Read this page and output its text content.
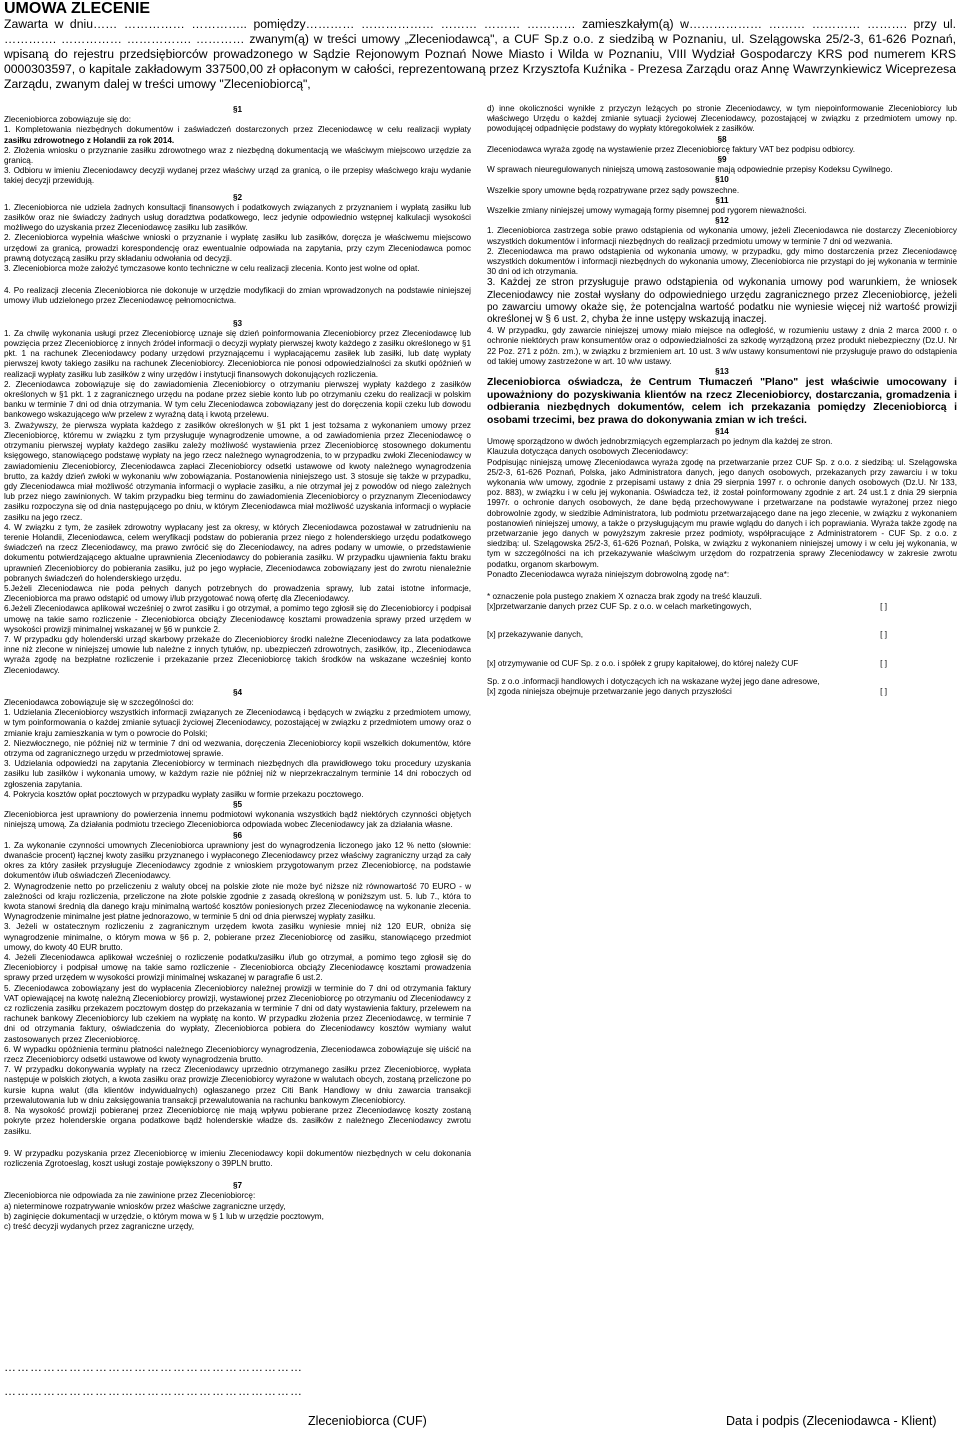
UMOWA ZLECENIE
Zawarta w dniu…… …………… ………….. pomiędzy………… ……………… ……… ……… ………… zamieszkałym(ą) w……………… ……… ………… ………. przy ul. …………. …………… ……………. ………… zwanym(ą) w treści umowy „Zleceniodawcą", a CUF Sp.z o.o. z siedzibą w Poznaniu, ul. Szelągowska 25/2-3, 61-626 Poznań, wpisaną do rejestru przedsiębiorców prowadzonego w Sądzie Rejonowym Poznań Nowe Miasto i Wilda w Poznaniu, VIII Wydział Gospodarczy KRS pod numerem KRS 0000303597, o kapitale zakładowym 337500,00 zł opłaconym w całości, reprezentowaną przez Krzysztofa Kuźnika - Prezesa Zarządu oraz Annę Wawrzynkiewicz Wiceprezesa Zarządu, zwanym dalej w treści umowy "Zleceniobiorcą",

§1

Zleceniobiorca zobowiązuje się do:
1. Kompletowania niezbędnych dokumentów i zaświadczeń dostarczonych przez Zleceniodawcę w celu realizacji wypłaty zasiłku zdrowotnego z Holandii za rok 2014.

2. Złożenia wniosku o przyznanie zasiłku zdrowotnego wraz z niezbędną dokumentacją we właściwym miejscowo urzędzie za granicą.
3. Odbioru w imieniu Zleceniodawcy decyzji wydanej przez właściwy urząd za granicą, o ile przepisy właściwego kraju wydanie takiej decyzji przewidują.

§2

1. Zleceniobiorca nie udziela żadnych konsultacji finansowych i podatkowych związanych z przyznaniem i wypłatą zasiłku lub zasiłków oraz nie świadczy żadnych usług doradztwa podatkowego, lecz jedynie odpowiednio wstępnej kalkulacji wysokości możliwego do uzyskania przez Zleceniodawcę zasiłku lub zasiłków.
2. Zleceniobiorca wypełnia właściwe wnioski o przyznanie i wypłatę zasiłku lub zasiłków, doręcza je właściwemu miejscowo urzędowi za granicą, prowadzi korespondencję oraz ewentualnie odpowiada na zapytania, przy czym Zleceniodawca pomoc prawną dotyczącą zasiłku przy składaniu odwołania od decyzji.
3. Zleceniobiorca może założyć tymczasowe konto techniczne w celu realizacji zlecenia. Konto jest wolne od opłat.

4. Po realizacji zlecenia Zleceniobiorca nie dokonuje w urzędzie modyfikacji do zmian wprowadzonych na podstawie niniejszej umowy i/lub udzielonego przez Zleceniodawcę pełnomocnictwa.

§3

1. Za chwilę wykonania usługi przez Zleceniobiorcę uznaje się dzień poinformowania Zleceniobiorcy przez Zleceniodawcę lub powzięcia przez Zleceniobiorcę z innych źródeł informacji o decyzji wypłaty pierwszej kwoty każdego z zasiłku określonego w §1 pkt. 1 na rachunek Zleceniodawcy podany urzędowi przyznającemu i wypłacającemu zasiłek lub zasiłki, lub datę wypłaty pierwszej kwoty takiego zasiłku na rachunek Zleceniobiorcy. Zleceniobiorca nie ponosi odpowiedzialności za skutki opóźnień w realizacji wypłaty zasiłku lub zasiłków z winy urzędów i instytucji finansowych dokonujących rozliczenia.
2. Zleceniodawca zobowiązuje się do zawiadomienia Zleceniobiorcy o otrzymaniu pierwszej wypłaty każdego z zasiłków określonych w §1 pkt. 1 z zagranicznego urzędu na podane przez siebie konto lub po otrzymaniu czeku do realizacji w polskim banku w terminie 7 dni od dnia otrzymania. W tym celu Zleceniodawca zobowiązany jest do doręczenia kopii czeku lub dowodu bankowego wskazującego w/w przelew z wyraźną datą i kwotą przelewu.
3. Zważywszy, że pierwsza wypłata każdego z zasiłków określonych w §1 pkt 1 jest tożsama z wykonaniem umowy przez Zleceniobiorcę, któremu w związku z tym przysługuje wynagrodzenie umowne, a od zawiadomienia przez Zleceniodawcę o otrzymaniu pierwszej wypłaty każdego zasiłku zależy możliwość wystawienia przez Zleceniobiorcę stosownego dokumentu księgowego, stanowiącego podstawę wypłaty na jego rzecz należnego wynagrodzenia, to w przypadku zwłoki Zleceniodawcy w zawiadomieniu Zleceniobiorcy, Zleceniodawca zapłaci Zleceniobiorcy odsetki ustawowe od kwoty należnego wynagrodzenia brutto, za każdy dzień zwłoki w wykonaniu w/w zobowiązania. Postanowienia niniejszego ust. 3 stosuje się także w przypadku, gdy Zleceniodawca miał możliwość otrzymania informacji o wypłacie zasiłku, a nie otrzymał jej z powodów od niego zależnych lub przez niego zawinionych. W takim przypadku bieg terminu do zawiadomienia Zleceniobiorcy o przyznanym Zleceniodawcy zasiłku rozpoczyna się od dnia następującego po dniu, w którym Zleceniodawca miał możliwość uzyskania informacji o wypłacie zasiłku na jego rzecz.
4. W związku z tym, że zasiłek zdrowotny wypłacany jest za okresy, w których Zleceniodawca pozostawał w zatrudnieniu na terenie Holandii, Zleceniodawca, celem weryfikacji podstaw do pobierania przez niego z holenderskiego urzędu podatkowego świadczeń na rzecz Zleceniodawcy, ma prawo zwrócić się do Zleceniodawcy, na adres podany w umowie, o przedstawienie dokumentu potwierdzającego aktualne uprawnienia Zleceniodawcy do pobierania zasiłku. W przypadku ujawnienia faktu braku uprawnień Zleceniobiorcy do pobierania zasiłku, już po jego wypłacie, Zleceniodawca zobowiązany jest do zwrotu nienależnie pobranych świadczeń do holenderskiego urzędu.
5.Jeżeli Zleceniodawca nie poda pełnych danych potrzebnych do prowadzenia sprawy, lub zatai istotne informacje, Zleceniobiorca ma prawo odstąpić od umowy i/lub przygotować nową ofertę dla Zleceniodawcy.
6.Jeżeli Zleceniodawca aplikował wcześniej o zwrot zasiłku i go otrzymał, a pomimo tego zgłosił się do Zleceniobiorcy i podpisał umowę na takie samo rozliczenie - Zleceniobiorca obciąży Zleceniodawcę kosztami prowadzenia sprawy przed urzędem w wysokości prowizji minimalnej wskazanej w §6 w punkcie 2.
7. W przypadku gdy holenderski urząd skarbowy przekaże do Zleceniobiorcy środki należne Zleceniodawcy za lata podatkowe inne niż zlecone w niniejszej umowie lub należne z innych tytułów, np. ubezpieczeń zdrowotnych, zasiłków, itp., Zleceniodawca wyraża zgodę na bezpłatne rozliczenie i przekazanie przez Zleceniobiorcę takich środków na wskazane wcześniej konto Zleceniodawcy.

§4

Zleceniodawca zobowiązuje się w szczególności do:
1. Udzielania Zleceniobiorcy wszystkich informacji związanych ze Zleceniodawcą i będących w związku z przedmiotem umowy, w tym poinformowania o każdej zmianie sytuacji życiowej Zleceniodawcy, pozostającej w związku z przedmiotem umowy oraz o zmianie kraju zamieszkania w tym o powrocie do Polski;
2. Niezwłocznego, nie później niż w terminie 7 dni od wezwania, doręczenia Zleceniobiorcy kopii wszelkich dokumentów, które otrzyma od zagranicznego urzędu w przedmiotowej sprawie.
3. Udzielania odpowiedzi na zapytania Zleceniobiorcy w terminach niezbędnych dla prawidłowego toku procedury uzyskania zasiłku lub zasiłków i wykonania umowy, w każdym razie nie później niż w nieprzekraczalnym terminie 14 dni roboczych od zgłoszenia zapytania.
4. Pokrycia kosztów opłat pocztowych w przypadku wypłaty zasiłku w formie przekazu pocztowego.

§5

Zleceniobiorca jest uprawniony do powierzenia innemu podmiotowi wykonania wszystkich bądź niektórych czynności objętych niniejszą umową. Za działania podmiotu trzeciego Zleceniobiorca odpowiada wobec Zleceniodawcy jak za działania własne.

§6

1. Za wykonanie czynności umownych Zleceniobiorca uprawniony jest do wynagrodzenia liczonego jako 12 % netto (słownie: dwanaście procent) łącznej kwoty zasiłku przyznanego i wypłaconego Zleceniodawcy przez właściwy zagraniczny urząd za cały okres za który zasiłek przysługuje Zleceniodawcy zgodnie z wnioskiem przygotowanym przez Zleceniobiorcę, na podstawie dokumentów i/lub oświadczeń Zleceniodawcy.
2. Wynagrodzenie netto po przeliczeniu z waluty obcej na polskie złote nie może być niższe niż równowartość 70 EURO - w zależności od kraju rozliczenia, przeliczone na złote polskie zgodnie z zasadą określoną w poniższym ust. 5. lub 7., która to kwota stanowi średnią dla danego kraju minimalną wartość kosztów poniesionych przez Zleceniodawcę na wykonanie zlecenia. Wynagrodzenie minimalne jest płatne jednorazowo, w terminie 5 dni od dnia pierwszej wypłaty zasiłku.
3. Jeżeli w ostatecznym rozliczeniu z zagranicznym urzędem kwota zasiłku wyniesie mniej niż 120 EUR, obniża się wynagrodzenie minimalne, o którym mowa w §6 p. 2, pobierane przez Zleceniobiorcę od zasiłku, stanowiącego przedmiot umowy, do kwoty 40 EUR brutto.
4. Jeżeli Zleceniodawca aplikował wcześniej o rozliczenie podatku/zasiłku i/lub go otrzymał, a pomimo tego zgłosił się do Zleceniobiorcy i podpisał umowę na takie samo rozliczenie - Zleceniobiorca obciąży Zleceniodawcę kosztami prowadzenia sprawy przed urzędem w wysokości prowizji minimalnej wskazanej w paragrafie 6 ust.2.
5. Zleceniodawca zobowiązany jest do wypłacenia Zleceniobiorcy należnej prowizji w terminie do 7 dni od otrzymania faktury VAT opiewającej na kwotę należną Zleceniobiorcy prowizji, wystawionej przez Zleceniobiorcę po otrzymaniu od Zleceniodawcy z cz rozliczenia zasiłku przekazem pocztowym dostęp do przekazania w terminie 7 dni od daty wystawienia faktury, przelewem na rachunek bankowy Zleceniobiorcy lub czekiem na wypłatę na konto. W przypadku złożenia przez Zleceniodawcę, w terminie 7 dni od otrzymania faktury, oświadczenia do wypłaty, Zleceniobiorca pobiera do Zleceniodawcy kosztów wymiany walut zastosowanych przez Zleceniobiorcę.
6. W wypadku opóźnienia terminu płatności należnego Zleceniobiorcy wynagrodzenia, Zleceniodawca zobowiązuje się uiścić na rzecz Zleceniobiorcy odsetki ustawowe od kwoty wynagrodzenia brutto.
7. W przypadku dokonywania wypłaty na rzecz Zleceniodawcy uprzednio otrzymanego zasiłku przez Zleceniobiorcę, wypłata następuje w polskich złotych, a kwota zasiłku oraz prowizje Zleceniobiorcy wyrażone w walutach obcych, zostaną przeliczone po kursie kupna walut (dla klientów indywidualnych) ogłaszanego przez Citi Bank Handlowy w dniu zawarcia transakcji przewalutowania lub w dniu zaksięgowania transakcji przewalutowania na rachunku bankowym Zleceniobiorcy.
8. Na wysokość prowizji pobieranej przez Zleceniobiorcę nie mają wpływu pobierane przez Zleceniodawcę koszty zostaną pokryte przez holenderskie organa podatkowe bądź holenderskie władze ds. zasiłków z należnego Zleceniodawcy zwrotu zasiłku.

9. W przypadku pozyskania przez Zleceniobiorcę w imieniu Zleceniodawcy kopii dokumentów niezbędnych w celu dokonania rozliczenia Zgrotoeslag, koszt usługi zostaje powiększony o 39PLN brutto.

§7

Zleceniobiorca nie odpowiada za nie zawinione przez Zleceniobiorcę:
a) nieterminowe rozpatrywanie wniosków przez właściwe zagraniczne urzędy,
b) zaginięcie dokumentacji w urzędzie, o którym mowa w § 1 lub w urzędzie pocztowym,
c) treść decyzji wydanych przez zagraniczne urzędy,

d) inne okoliczności wynikłe z przyczyn leżących po stronie Zleceniodawcy, w tym niepoinformowanie Zleceniobiorcy lub właściwego Urzędu o każdej zmianie sytuacji życiowej Zleceniodawcy, pozostającej w związku z przedmiotem umowy np. powodującej odpadnięcie podstawy do wypłaty któregokolwiek z zasiłków.

§8

Zleceniodawca wyraża zgodę na wystawienie przez Zleceniobiorcę faktury VAT bez podpisu odbiorcy.

§9

W sprawach nieuregulowanych niniejszą umową zastosowanie mają odpowiednie przepisy Kodeksu Cywilnego.

§10

Wszelkie spory umowne będą rozpatrywane przez sądy powszechne.

§11

Wszelkie zmiany niniejszej umowy wymagają formy pisemnej pod rygorem nieważności.

§12

1. Zleceniobiorca zastrzega sobie prawo odstąpienia od wykonania umowy, jeżeli Zleceniodawca nie dostarczy Zleceniobiorcy wszystkich dokumentów i informacji niezbędnych do realizacji przedmiotu umowy w terminie 7 dni od wezwania.
2. Zleceniodawca ma prawo odstąpienia od wykonania umowy, w przypadku, gdy mimo dostarczenia przez Zleceniodawcę wszystkich dokumentów i informacji niezbędnych do wykonania umowy, Zleceniobiorca nie przystąpi do jej wykonania w terminie 30 dni od ich otrzymania.

3. Każdej ze stron przysługuje prawo odstąpienia od wykonania umowy pod warunkiem, że wniosek Zleceniodawcy nie został wysłany do odpowiedniego urzędu zagranicznego przez Zleceniobiorcę, jeżeli po zawarciu umowy okaże się, że potencjalna wartość podatku nie wyniesie więcej niż wartość prowizji określonej w § 6 ust. 2, chyba że inne ustępy wskazują inaczej.

4. W przypadku, gdy zawarcie niniejszej umowy miało miejsce na odległość, w rozumieniu ustawy z dnia 2 marca 2000 r. o ochronie niektórych praw konsumentów oraz o odpowiedzialności za szkodę wyrządzoną przez produkt niebezpieczny (Dz.U. Nr 22 Poz. 271 z późn. zm.), w związku z brzmieniem art. 10 ust. 3 w/w ustawy konsumentowi nie przysługuje prawo do odstąpienia od takiej umowy zastrzeżone w art. 10 w/w ustawy.

§13

Zleceniobiorca oświadcza, że Centrum Tłumaczeń "Plano" jest właściwie umocowany i upoważniony do pozyskiwania klientów na rzecz Zleceniobiorcy, dostarczania, gromadzenia i odbierania niezbędnych dokumentów, celem ich przekazania pomiędzy Zleceniobiorcą i osobami trzecimi, bez prawa do dokonywania zmian w ich treści.

§14

Umowę sporządzono w dwóch jednobrzmiących egzemplarzach po jednym dla każdej ze stron.
Klauzula dotycząca danych osobowych Zleceniodawcy:
Podpisując niniejszą umowę Zleceniodawca wyraża zgodę na przetwarzanie przez CUF Sp. z o.o. z siedzibą: ul. Szelągowska 25/2-3, 61-626 Poznań, Polska, jako Administratora danych, jego danych osobowych, przekazanych przy zawarciu i w toku wykonania w/w umowy, zgodnie z przepisami ustawy z dnia 29 sierpnia 1997 r. o ochronie danych osobowych (Dz.U. Nr 133, poz. 883), w związku i w celu jej wykonania. Oświadcza też, iż został poinformowany zgodnie z art. 24 ust.1 z dnia 29 sierpnia 1997r. o ochronie danych osobowych, że dane będą przechowywane i przetwarzane na podstawie wyrażonej przez niego dobrowolnie zgody, w siedzibie Administratora, lub podmiotu przetwarzającego dane na jego zlecenie, w związku z wykonaniem postanowień niniejszej umowy, a także o przysługującym mu prawie wglądu do danych i ich poprawiania. Wyraża także zgodę na przetwarzanie jego danych w powyższym zakresie przez podmioty, współpracujące z Administratorem - CUF Sp. z o.o. z siedzibą: ul. Szelągowska 25/2-3, 61-626 Poznań, Polska, w związku z wykonaniem niniejszej umowy i w celu jej wykonania, w tym w szczególności na ich przekazywanie właściwym urzędom do rozpatrzenia sprawy Zleceniodawcy w zakresie zwrotu podatku, organom skarbowym.
Ponadto Zleceniodawca wyraża niniejszym dobrowolną zgodę na*:

* oznaczenie pola pustego znakiem X oznacza brak zgody na treść klauzuli.

[x]przetwarzanie danych przez CUF Sp. z o.o. w celach marketingowych,	[ ]

[x] przekazywanie danych,	[ ]

[x] otrzymywanie od CUF Sp. z o.o. i spółek z grupy kapitałowej, do której należy CUF	[ ]

Sp. z o.o .informacji handlowych i dotyczących ich na wskazane wyżej jego dane adresowe,

[x] zgoda niniejsza obejmuje przetwarzanie jego danych przyszłości	[ ]

……………………………………………………………
……………………………………………………………
Zleceniobiorca (CUF)	Data i podpis (Zleceniodawca - Klient)
